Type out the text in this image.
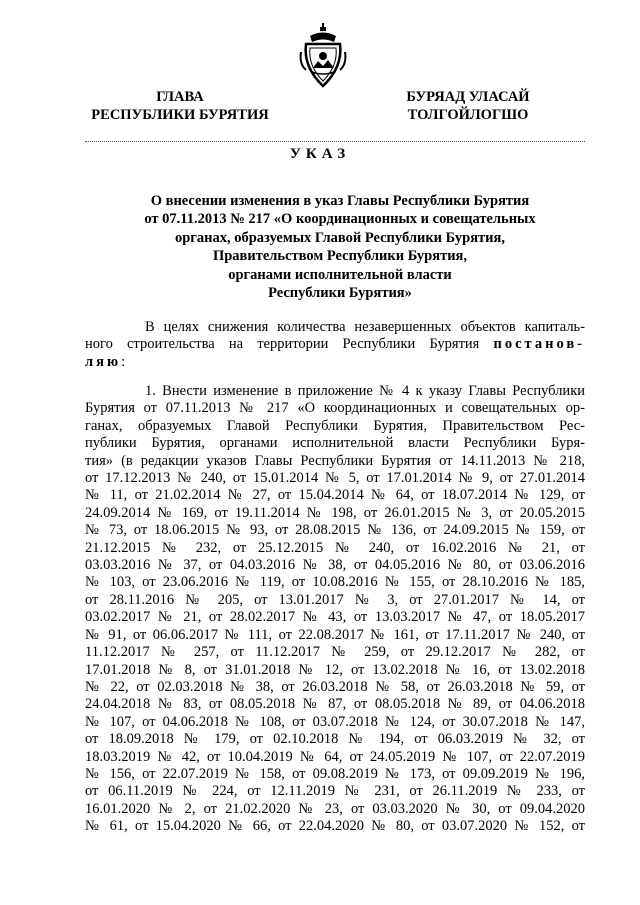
ГЛАВА
РЕСПУБЛИКИ БУРЯТИЯ
БУРЯАД УЛАСАЙ
ТОЛГОЙЛОГШО
УКАЗ
О внесении изменения в указ Главы Республики Бурятия
от 07.11.2013 № 217 «О координационных и совещательных
органах, образуемых Главой Республики Бурятия,
Правительством Республики Бурятия,
органами исполнительной власти
Республики Бурятия»
В целях снижения количества незавершенных объектов капиталь-
ного строительства на территории Республики Бурятия постанов-
ляю:
1. Внести изменение в приложение № 4 к указу Главы Республики
Бурятия от 07.11.2013 № 217 «О координационных и совещательных ор-
ганах, образуемых Главой Республики Бурятия, Правительством Рес-
публики Бурятия, органами исполнительной власти Республики Буря-
тия» (в редакции указов Главы Республики Бурятия от 14.11.2013 № 218,
от 17.12.2013 № 240, от 15.01.2014 № 5, от 17.01.2014 № 9, от 27.01.2014
№ 11, от 21.02.2014 № 27, от 15.04.2014 № 64, от 18.07.2014 № 129, от
24.09.2014 № 169, от 19.11.2014 № 198, от 26.01.2015 № 3, от 20.05.2015
№ 73, от 18.06.2015 № 93, от 28.08.2015 № 136, от 24.09.2015 № 159, от
21.12.2015 № 232, от 25.12.2015 № 240, от 16.02.2016 № 21, от
03.03.2016 № 37, от 04.03.2016 № 38, от 04.05.2016 № 80, от 03.06.2016
№ 103, от 23.06.2016 № 119, от 10.08.2016 № 155, от 28.10.2016 № 185,
от 28.11.2016 № 205, от 13.01.2017 № 3, от 27.01.2017 № 14, от
03.02.2017 № 21, от 28.02.2017 № 43, от 13.03.2017 № 47, от 18.05.2017
№ 91, от 06.06.2017 № 111, от 22.08.2017 № 161, от 17.11.2017 № 240, от
11.12.2017 № 257, от 11.12.2017 № 259, от 29.12.2017 № 282, от
17.01.2018 № 8, от 31.01.2018 № 12, от 13.02.2018 № 16, от 13.02.2018
№ 22, от 02.03.2018 № 38, от 26.03.2018 № 58, от 26.03.2018 № 59, от
24.04.2018 № 83, от 08.05.2018 № 87, от 08.05.2018 № 89, от 04.06.2018
№ 107, от 04.06.2018 № 108, от 03.07.2018 № 124, от 30.07.2018 № 147,
от 18.09.2018 № 179, от 02.10.2018 № 194, от 06.03.2019 № 32, от
18.03.2019 № 42, от 10.04.2019 № 64, от 24.05.2019 № 107, от 22.07.2019
№ 156, от 22.07.2019 № 158, от 09.08.2019 № 173, от 09.09.2019 № 196,
от 06.11.2019 № 224, от 12.11.2019 № 231, от 26.11.2019 № 233, от
16.01.2020 № 2, от 21.02.2020 № 23, от 03.03.2020 № 30, от 09.04.2020
№ 61, от 15.04.2020 № 66, от 22.04.2020 № 80, от 03.07.2020 № 152, от
